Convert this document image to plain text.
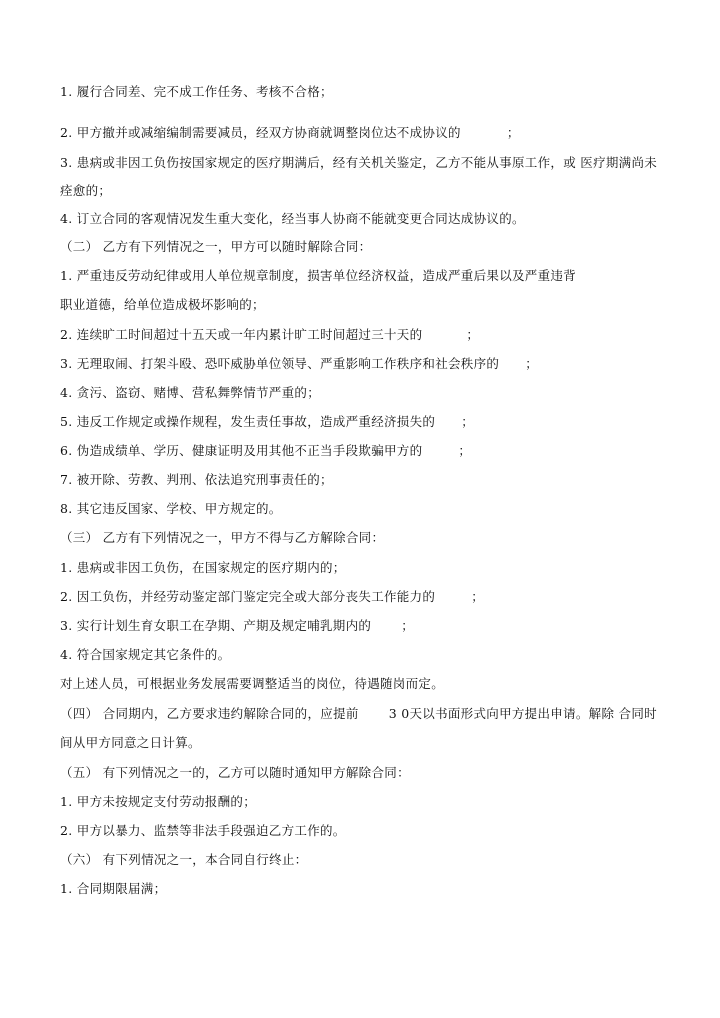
1. 履行合同差、完不成工作任务、考核不合格；
2. 甲方撤并或减缩编制需要减员，经双方协商就调整岗位达不成协议的	；
3. 患病或非因工负伤按国家规定的医疗期满后，经有关机关鉴定，乙方不能从事原工作，或 医疗期满尚未
痊愈的；
4. 订立合同的客观情况发生重大变化，经当事人协商不能就变更合同达成协议的。
（二） 乙方有下列情况之一，甲方可以随时解除合同：
1. 严重违反劳动纪律或用人单位规章制度，损害单位经济权益，造成严重后果以及严重违背
职业道德，给单位造成极坏影响的；
2. 连续旷工时间超过十五天或一年内累计旷工时间超过三十天的	；
3. 无理取闹、打架斗殴、恐吓威胁单位领导、严重影响工作秩序和社会秩序的 ；
4. 贪污、盗窃、赌博、营私舞弊情节严重的；
5. 违反工作规定或操作规程，发生责任事故，造成严重经济损失的 ；
6. 伪造成绩单、学历、健康证明及用其他不正当手段欺骗甲方的	；
7. 被开除、劳教、判刑、依法追究刑事责任的；
8. 其它违反国家、学校、甲方规定的。
（三） 乙方有下列情况之一，甲方不得与乙方解除合同：
1. 患病或非因工负伤，在国家规定的医疗期内的；
2. 因工负伤，并经劳动鉴定部门鉴定完全或大部分丧失工作能力的	；
3. 实行计划生育女职工在孕期、产期及规定哺乳期内的 ；
4. 符合国家规定其它条件的。
对上述人员，可根据业务发展需要调整适当的岗位，待遇随岗而定。
（四） 合同期内，乙方要求违约解除合同的，应提前 3 0天以书面形式向甲方提出申请。解除 合同时
间从甲方同意之日计算。
（五） 有下列情况之一的，乙方可以随时通知甲方解除合同：
1. 甲方未按规定支付劳动报酬的；
2. 甲方以暴力、监禁等非法手段强迫乙方工作的。
（六） 有下列情况之一，本合同自行终止：
1. 合同期限届满；
